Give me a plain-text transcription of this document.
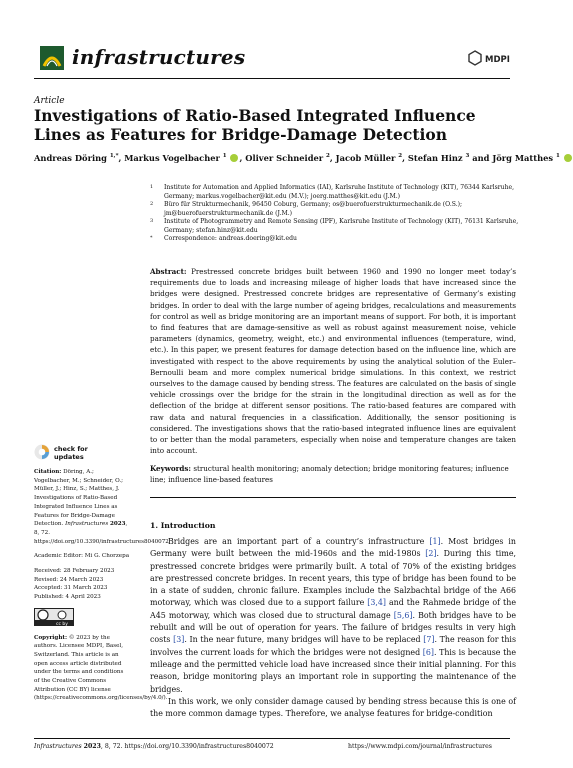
infrastructures	MDPI
Article
Investigations of Ratio-Based Integrated Influence Lines as Features for Bridge-Damage Detection
Andreas Döring $^{1,*}$, Markus Vogelbacher $^1$ , Oliver Schneider $^2$, Jacob Müller $^2$, Stefan Hinz $^3$ and Jörg Matthes $^1$
1 Institute for Automation and Applied Informatics (IAI), Karlsruhe Institute of Technology (KIT), 76344 Karlsruhe, Germany; markus.vogelbacher@kit.edu (M.V.); joerg.matthes@kit.edu (J.M.)
2 Büro für Strukturmechanik, 96450 Coburg, Germany; os@buerofuerstrukturmechanik.de (O.S.); jm@buerofuerstrukturmechanik.de (J.M.)
3 Institute of Photogrammetry and Remote Sensing (IPF), Karlsruhe Institute of Technology (KIT), 76131 Karlsruhe, Germany; stefan.hinz@kit.edu
* Correspondence: andreas.doering@kit.edu
Abstract: Prestressed concrete bridges built between 1960 and 1990 no longer meet today’s requirements due to loads and increasing mileage of higher loads that have increased since the bridges were designed. Prestressed concrete bridges are representative of Germany’s existing bridges. In order to deal with the large number of ageing bridges, recalculations and measurements for control as well as bridge monitoring are an important means of support. For both, it is important to find features that are damage-sensitive as well as robust against measurement noise, vehicle parameters (dynamics, geometry, weight, etc.) and environmental influences (temperature, wind, etc.). In this paper, we present features for damage detection based on the influence line, which are investigated with respect to the above requirements by using the analytical solution of the Euler–Bernoulli beam and more complex numerical bridge simulations. In this context, we restrict ourselves to the damage caused by bending stress. The features are calculated on the basis of single vehicle crossings over the bridge for the strain in the longitudinal direction as well as for the deflection of the bridge at different sensor positions. The ratio-based features are compared with raw data and natural frequencies in a classification. Additionally, the sensor positioning is considered. The investigations shows that the ratio-based integrated influence lines are equivalent to or better than the modal parameters, especially when noise and temperature changes are taken into account.
Keywords: structural health monitoring; anomaly detection; bridge monitoring features; influence line; influence line-based features
check for
updates
Citation: Döring, A.; Vogelbacher, M.; Schneider, O.; Müller, J.; Hinz, S.; Matthes, J. Investigations of Ratio-Based Integrated Influence Lines as Features for Bridge-Damage Detection. Infrastructures 2023, 8, 72. https://doi.org/10.3390/infrastructures8040072
Academic Editor: Mi G. Chorzepa
Received: 28 February 2023
Revised: 24 March 2023
Accepted: 31 March 2023
Published: 4 April 2023
cc by
Copyright: © 2023 by the authors. Licensee MDPI, Basel, Switzerland. This article is an open access article distributed under the terms and conditions of the Creative Commons Attribution (CC BY) license (https://creativecommons.org/licenses/by/4.0/).
1. Introduction

Bridges are an important part of a country’s infrastructure [1]. Most bridges in Germany were built between the mid-1960s and the mid-1980s [2]. During this time, prestressed concrete bridges were primarily built. A total of 70% of the existing bridges are prestressed concrete bridges. In recent years, this type of bridge has been found to be in a state of sudden, chronic failure. Examples include the Salzbachtal bridge of the A66 motorway, which was closed due to a support failure [3,4] and the Rahmede bridge of the A45 motorway, which was closed due to structural damage [5,6]. Both bridges have to be rebuilt and will be out of operation for years. The failure of bridges results in very high costs [3]. In the near future, many bridges will have to be replaced [7]. The reason for this involves the current loads for which the bridges were not designed [6]. This is because the mileage and the permitted vehicle load have increased since their initial planning. For this reason, bridge monitoring plays an important role in supporting the maintenance of the bridges.

In this work, we only consider damage caused by bending stress because this is one of the more common damage types. Therefore, we analyse features for bridge-condition

Infrastructures 2023, 8, 72. https://doi.org/10.3390/infrastructures8040072	https://www.mdpi.com/journal/infrastructures
